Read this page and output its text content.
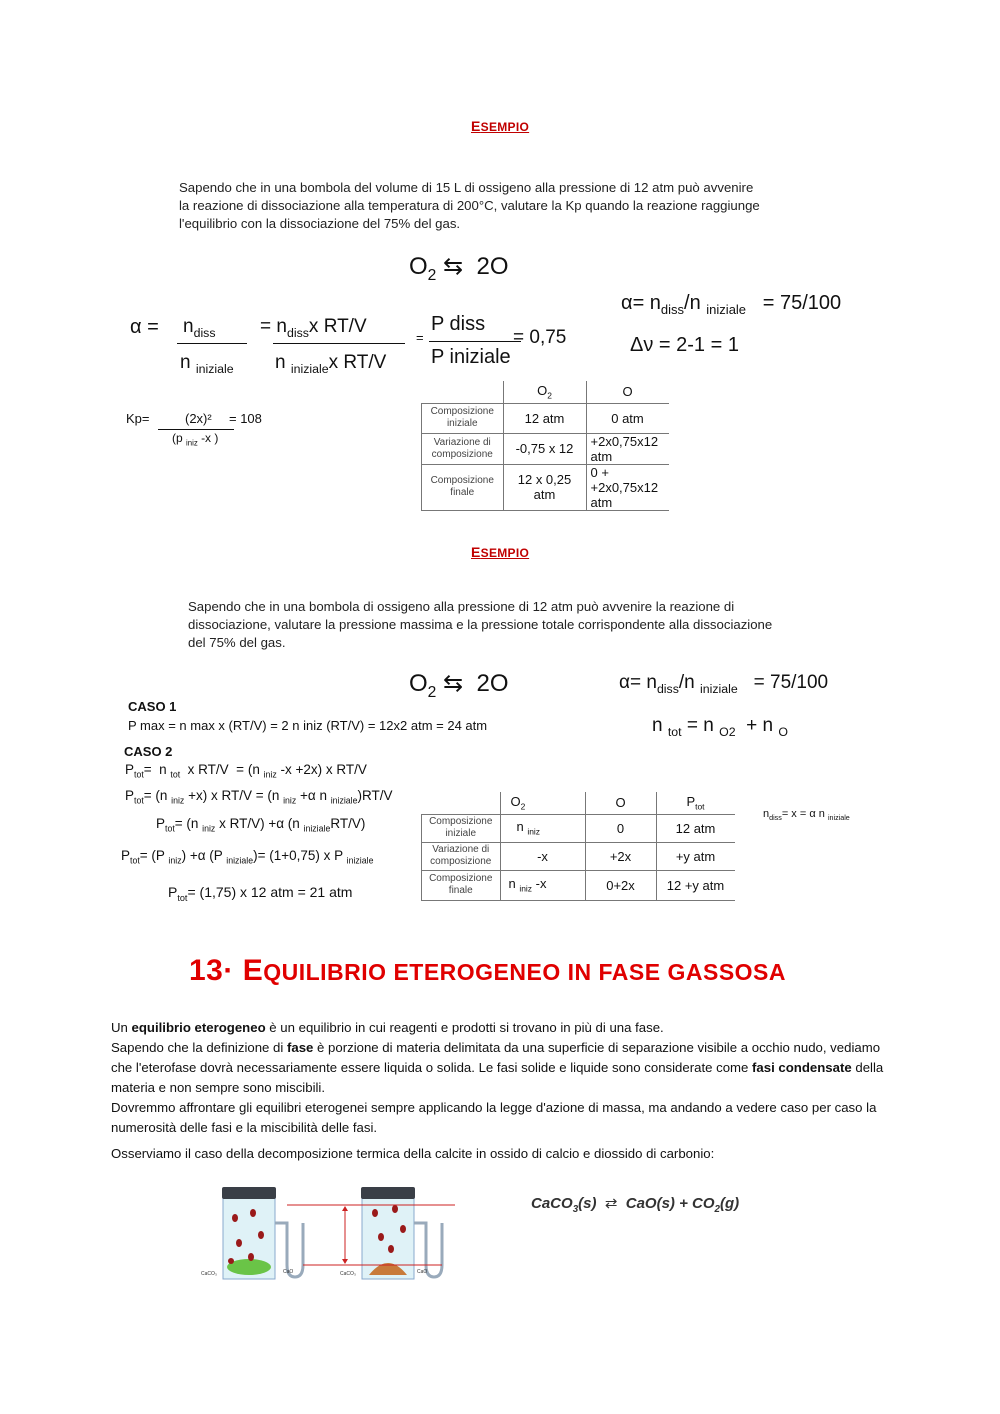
ESEMPIO
Sapendo che in una bombola del volume di 15 L di ossigeno alla pressione di 12 atm può avvenire
la reazione di dissociazione alla temperatura di 200°C, valutare la Kp quando la reazione raggiunge
l'equilibrio con la dissociazione del 75% del gas.
$O_2$ ⇆ 2O
$\alpha = n_{diss}$
n $_{iniziale}$
= $n_{diss}x$ RT/V
n $_{iniziale}$x RT/V
=
P diss
P iniziale
= 0,75
$\alpha= n_{diss}/n$ $_{iniziale}$ = 75/100
Δν = 2-1 = 1
Kp=	(2x)² = 108
(p $_{iniz}$ -x )
	$O_2$	O
Composizione iniziale	12 atm	0 atm
Variazione di composizione	-0,75 x 12	+2x0,75x12 atm
Composizione finale	12 x 0,25 atm	0 + +2x0,75x12 atm
ESEMPIO
Sapendo che in una bombola di ossigeno alla pressione di 12 atm può avvenire la reazione di
dissociazione, valutare la pressione massima e la pressione totale corrispondente alla dissociazione
del 75% del gas.
$O_2$ ⇆ 2O	$\alpha= n_{diss}/n$ $_{iniziale}$ = 75/100
n $_{tot}$ = n $_{O2}$ + n $_O$
CASO 1
P max = n max x (RT/V) = 2 n iniz (RT/V) = 12x2 atm = 24 atm
CASO 2
$P_{tot}= n$ $_{tot}$  x RT/V  = (n $_{iniz}$ -x +2x) x RT/V
$P_{tot}= (n$ $_{iniz}$ +x) x RT/V = (n $_{iniz}$ +α n $_{iniziale}$)RT/V
$P_{tot}= (n$ $_{iniz}$ x RT/V) +α (n $_{iniziale}$RT/V)
$P_{tot}= (P$ $_{iniz}$) +α (P $_{iniziale}$)= (1+0,75) x P $_{iniziale}$
$P_{tot}= (1,75)$ x 12 atm = 21 atm
$n_{diss}= x = \alpha$ n $_{iniziale}$
	$O_2$	O	$P_{tot}$
Composizione iniziale	n $_{iniz}$	0	12 atm
Variazione di composizione	-x	+2x	+y atm
Composizione finale	n $_{iniz}$ -x	0+2x	12 +y atm
13· EQUILIBRIO ETEROGENEO IN FASE GASSOSA
Un equilibrio eterogeneo è un equilibrio in cui reagenti e prodotti si trovano in più di una fase.
Sapendo che la definizione di fase è porzione di materia delimitata da una superficie di separazione visibile a occhio nudo, vediamo che l'eterofase dovrà necessariamente essere liquida o solida. Le fasi solide e liquide sono considerate come fasi condensate della materia e non sempre sono miscibili.
Dovremmo affrontare gli equilibri eterogenei sempre applicando la legge d'azione di massa, ma andando a vedere caso per caso la numerosità delle fasi e la miscibilità delle fasi.
Osserviamo il caso della decomposizione termica della calcite in ossido di calcio e diossido di carbonio:
CaCO₃	CaO	CaCO₃	CaO
CaCO$_3$(s) ⇄ $CaO(s) + CO_2(g)$
